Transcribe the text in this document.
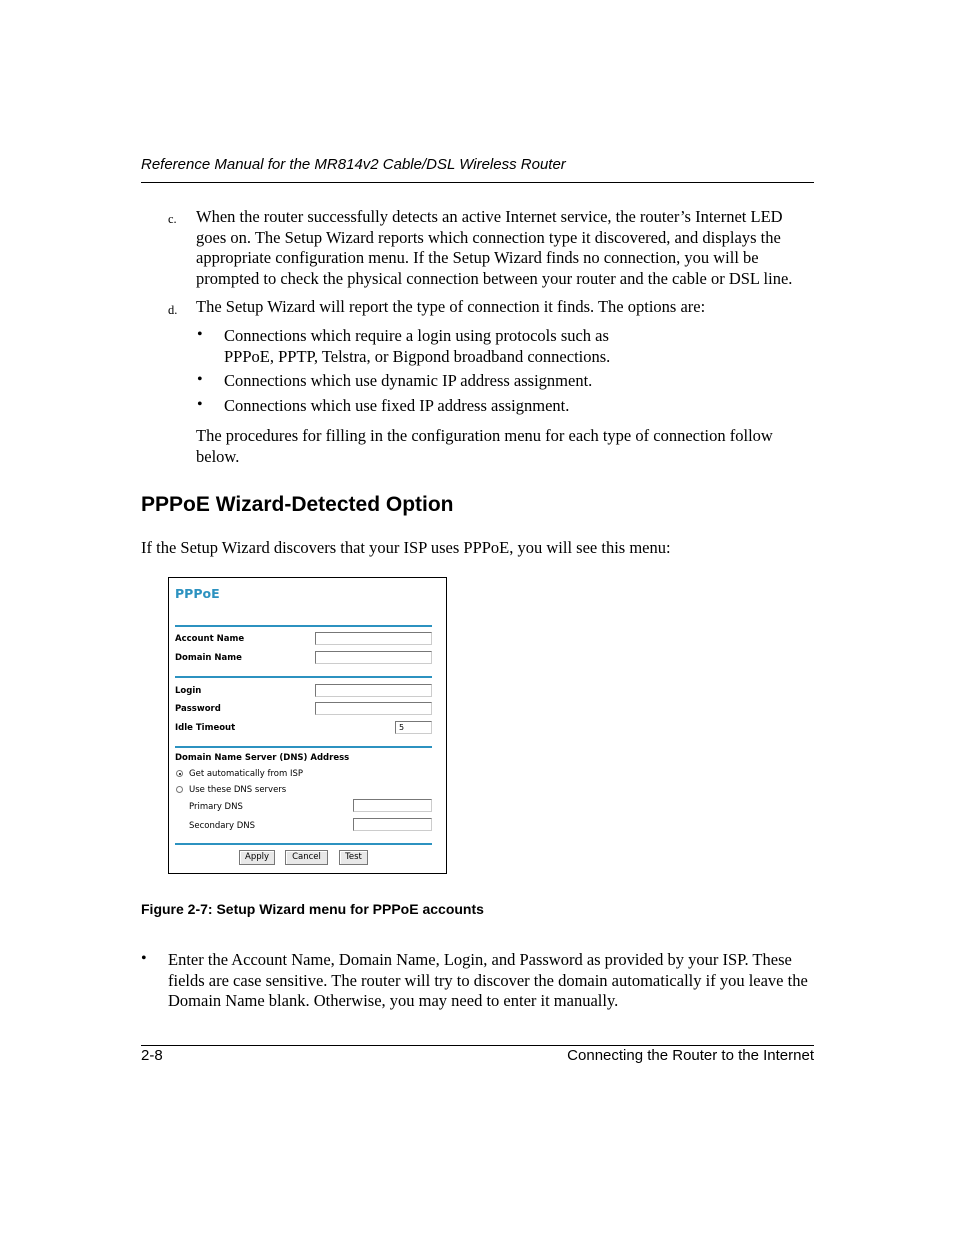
Reference Manual for the MR814v2 Cable/DSL Wireless Router
c. When the router successfully detects an active Internet service, the router’s Internet LED goes on. The Setup Wizard reports which connection type it discovered, and displays the appropriate configuration menu. If the Setup Wizard finds no connection, you will be prompted to check the physical connection between your router and the cable or DSL line.
d. The Setup Wizard will report the type of connection it finds. The options are:
• Connections which require a login using protocols such as PPPoE, PPTP, Telstra, or Bigpond broadband connections.
• Connections which use dynamic IP address assignment.
• Connections which use fixed IP address assignment.
The procedures for filling in the configuration menu for each type of connection follow below.
PPPoE Wizard-Detected Option
If the Setup Wizard discovers that your ISP uses PPPoE, you will see this menu:
PPPoE
Account Name
Domain Name
Login
Password
Idle Timeout	5
Domain Name Server (DNS) Address
Get automatically from ISP
Use these DNS servers
Primary DNS
Secondary DNS
Apply	Cancel	Test
Figure 2-7: Setup Wizard menu for PPPoE accounts
• Enter the Account Name, Domain Name, Login, and Password as provided by your ISP. These fields are case sensitive. The router will try to discover the domain automatically if you leave the Domain Name blank. Otherwise, you may need to enter it manually.
2-8	Connecting the Router to the Internet
